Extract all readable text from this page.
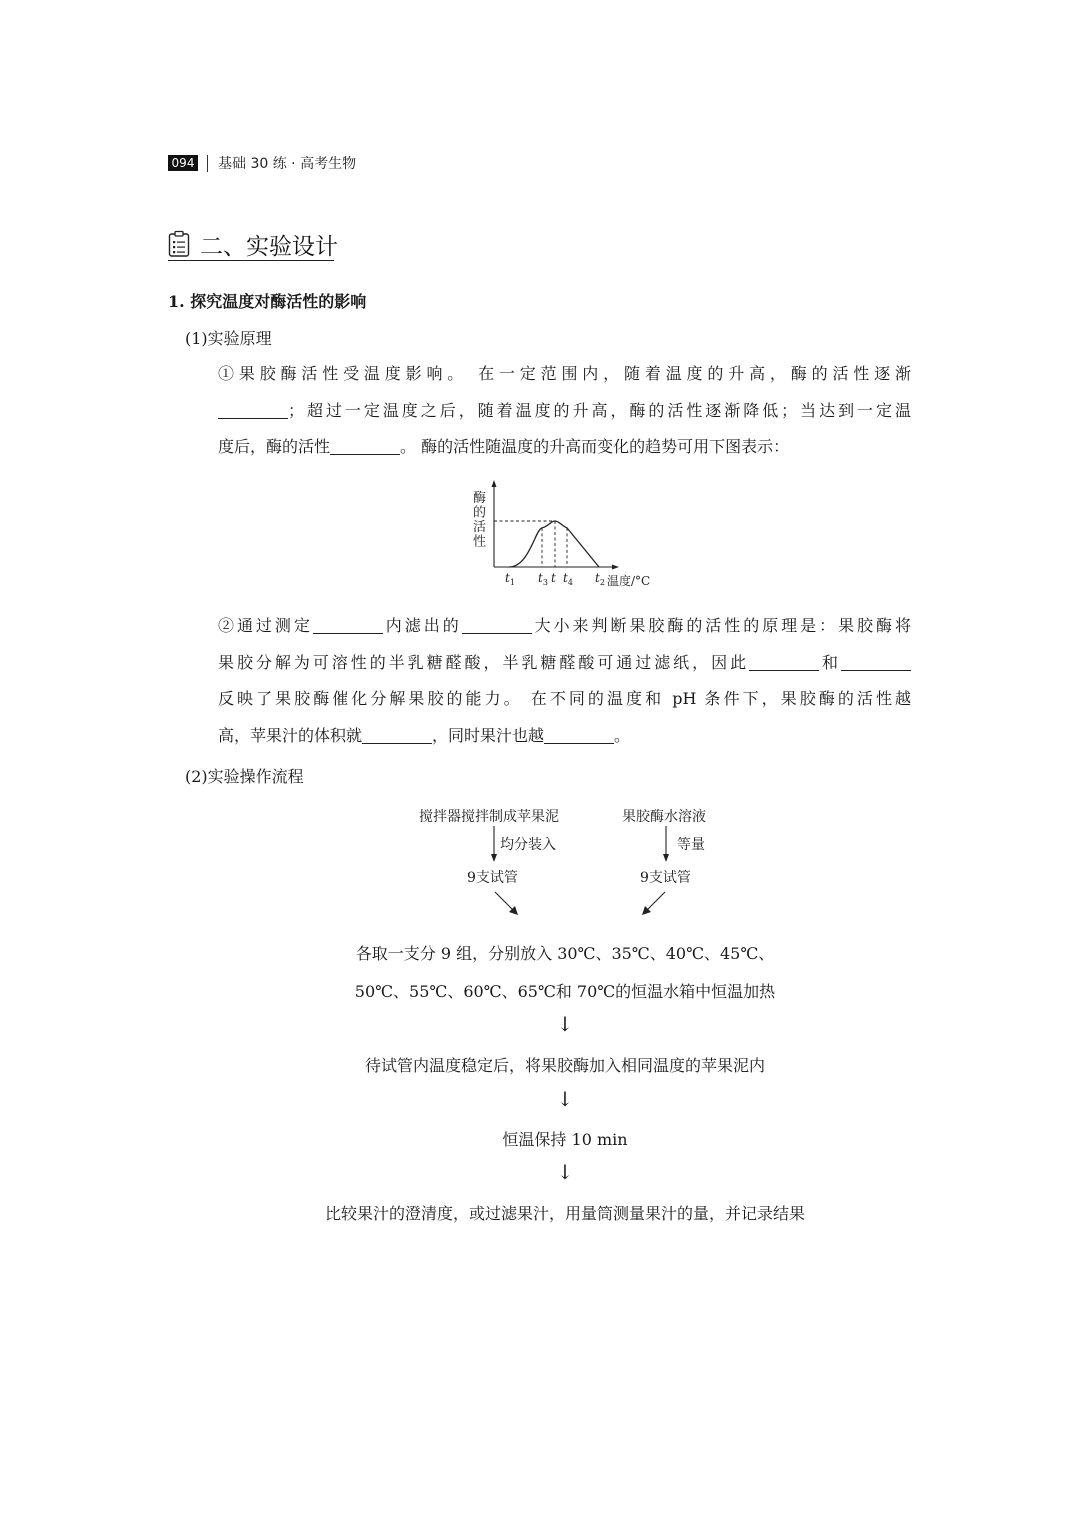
094 基础 30 练 · 高考生物
二、实验设计
1. 探究温度对酶活性的影响
(1)实验原理

①果胶酶活性受温度影响。 在一定范围内，随着温度的升高，酶的活性逐渐

；超过一定温度之后，随着温度的升高，酶的活性逐渐降低；当达到一定温

度后，酶的活性	。 酶的活性随温度的升高而变化的趋势可用下图表示：

酶
的
活
性
$t_1$ $t_3$ t $t_4$ $t_2$ 温度/°C

②通过测定	内滤出的	大小来判断果胶酶的活性的原理是：果胶酶将

果胶分解为可溶性的半乳糖醛酸，半乳糖醛酸可通过滤纸，因此	和

反映了果胶酶催化分解果胶的能力。 在不同的温度和 pH 条件下，果胶酶的活性越

高，苹果汁的体积就	，同时果汁也越	。

(2)实验操作流程
搅拌器搅拌制成苹果泥	果胶酶水溶液
均分装入	等量
9支试管	9支试管
各取一支分 9 组，分别放入 30℃、35℃、40℃、45℃、
50℃、55℃、60℃、65℃和 70℃的恒温水箱中恒温加热
↓
待试管内温度稳定后，将果胶酶加入相同温度的苹果泥内
↓
恒温保持 10 min
↓
比较果汁的澄清度，或过滤果汁，用量筒测量果汁的量，并记录结果
